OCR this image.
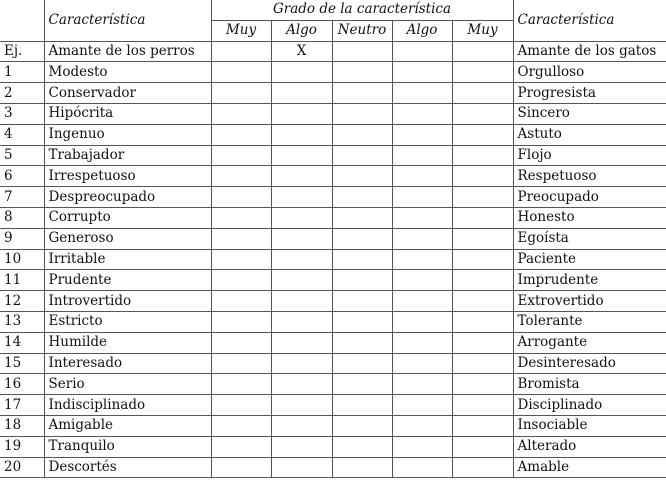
	Característica	Grado de la característica					Característica
		Muy	Algo	Neutro	Algo	Muy	
Ej.	Amante de los perros		X				Amante de los gatos
1	Modesto						Orgulloso
2	Conservador						Progresista
3	Hipócrita						Sincero
4	Ingenuo						Astuto
5	Trabajador						Flojo
6	Irrespetuoso						Respetuoso
7	Despreocupado						Preocupado
8	Corrupto						Honesto
9	Generoso						Egoísta
10	Irritable						Paciente
11	Prudente						Imprudente
12	Introvertido						Extrovertido
13	Estricto						Tolerante
14	Humilde						Arrogante
15	Interesado						Desinteresado
16	Serio						Bromista
17	Indisciplinado						Disciplinado
18	Amigable						Insociable
19	Tranquilo						Alterado
20	Descortés						Amable
